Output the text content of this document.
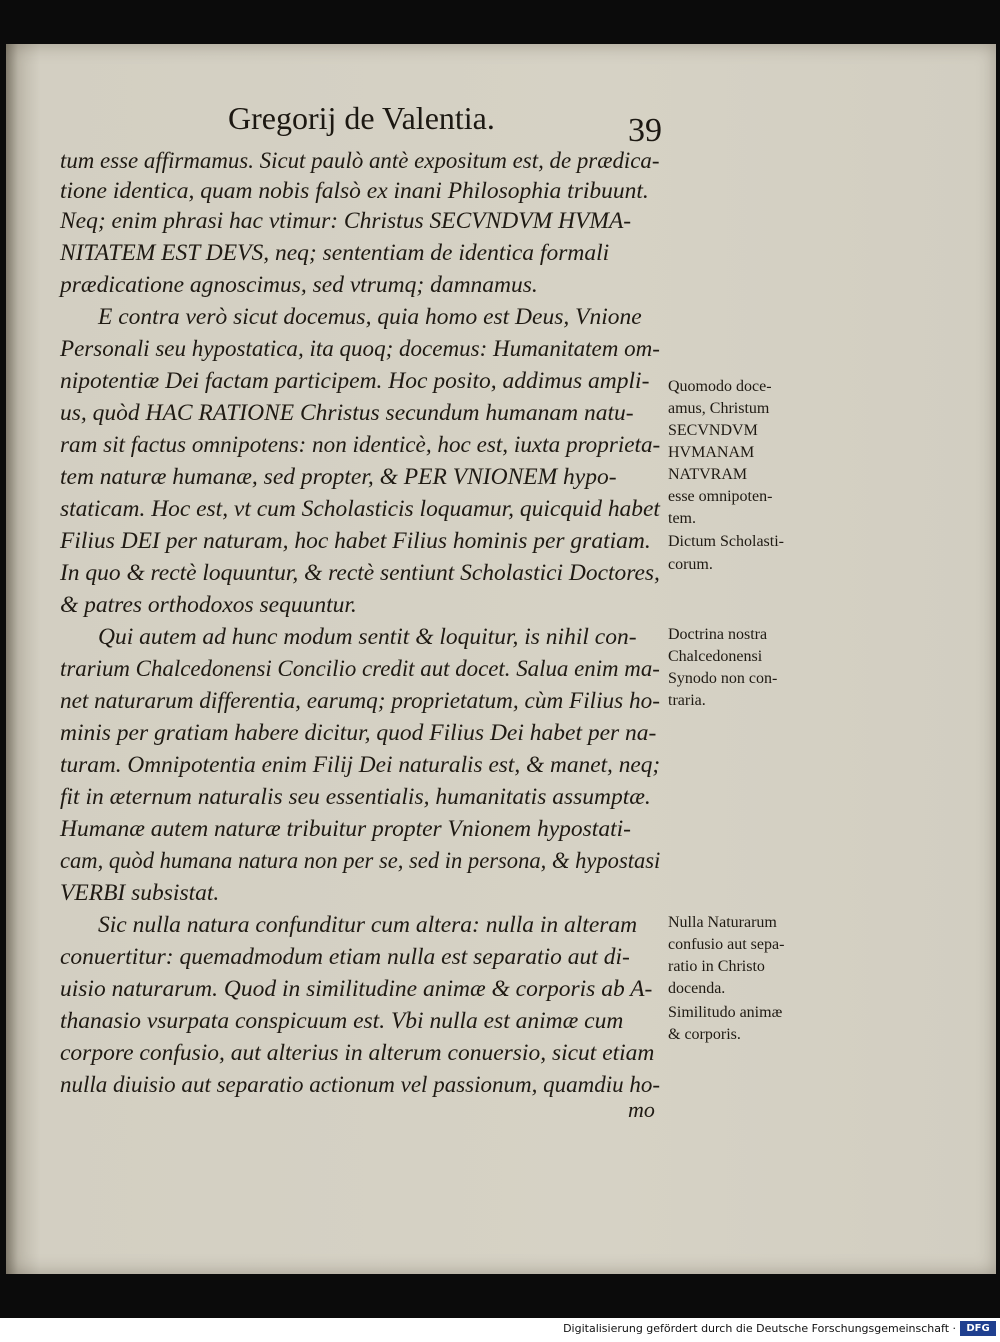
Gregorij de Valentia.	39

tum esse affirmamus. Sicut paulò antè expositum est, de prædica-

tione identica, quam nobis falsò ex inani Philosophia tribuunt.

Neq; enim phrasi hac vtimur: Christus SECVNDVM HVMA-

NITATEM EST DEVS, neq; sententiam de identica formali

prædicatione agnoscimus, sed vtrumq; damnamus.

E contra verò sicut docemus, quia homo est Deus, Vnione

Personali seu hypostatica, ita quoq; docemus: Humanitatem om-

nipotentiæ Dei factam participem. Hoc posito, addimus ampli-

us, quòd HAC RATIONE Christus secundum humanam natu-

ram sit factus omnipotens: non identicè, hoc est, iuxta proprieta-

tem naturæ humanæ, sed propter, & PER VNIONEM hypo-

staticam. Hoc est, vt cum Scholasticis loquamur, quicquid habet

Filius DEI per naturam, hoc habet Filius hominis per gratiam.

In quo & rectè loquuntur, & rectè sentiunt Scholastici Doctores,

& patres orthodoxos sequuntur.

Qui autem ad hunc modum sentit & loquitur, is nihil con-

trarium Chalcedonensi Concilio credit aut docet. Salua enim ma-

net naturarum differentia, earumq; proprietatum, cùm Filius ho-

minis per gratiam habere dicitur, quod Filius Dei habet per na-

turam. Omnipotentia enim Filij Dei naturalis est, & manet, neq;

fit in æternum naturalis seu essentialis, humanitatis assumptæ.

Humanæ autem naturæ tribuitur propter Vnionem hypostati-

cam, quòd humana natura non per se, sed in persona, & hypostasi

VERBI subsistat.

Sic nulla natura confunditur cum altera: nulla in alteram

conuertitur: quemadmodum etiam nulla est separatio aut di-

uisio naturarum. Quod in similitudine animæ & corporis ab A-

thanasio vsurpata conspicuum est. Vbi nulla est animæ cum

corpore confusio, aut alterius in alterum conuersio, sicut etiam

nulla diuisio aut separatio actionum vel passionum, quamdiu ho-

mo

Quomodo doce-

amus, Christum

SECVNDVM

HVMANAM

NATVRAM

esse omnipoten-

tem.

Dictum Scholasti-

corum.

Doctrina nostra

Chalcedonensi

Synodo non con-

traria.

Nulla Naturarum

confusio aut sepa-

ratio in Christo

docenda.

Similitudo animæ

& corporis.

Digitalisierung gefördert durch die Deutsche Forschungsgemeinschaft ·	DFG
